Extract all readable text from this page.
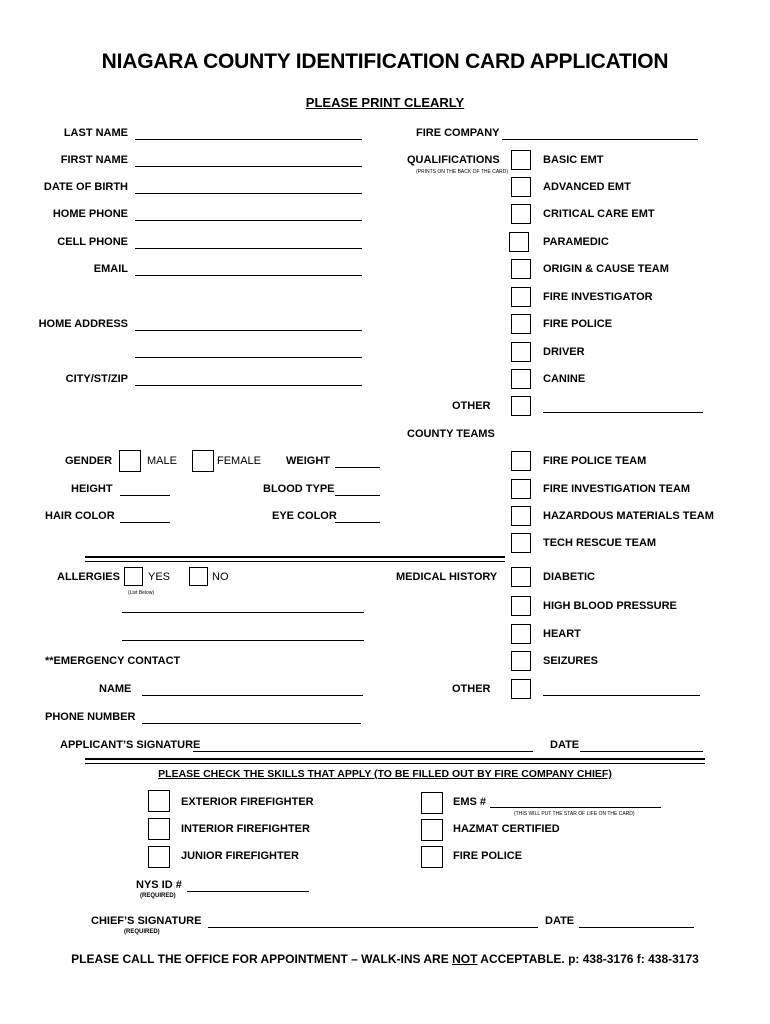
NIAGARA COUNTY IDENTIFICATION CARD APPLICATION
PLEASE PRINT CLEARLY
LAST NAME
FIRST NAME
DATE OF BIRTH
HOME PHONE
CELL PHONE
EMAIL
HOME ADDRESS
CITY/ST/ZIP
FIRE COMPANY
QUALIFICATIONS
(PRINTS ON THE BACK OF THE CARD)
BASIC EMT
ADVANCED EMT
CRITICAL CARE EMT
PARAMEDIC
ORIGIN & CAUSE TEAM
FIRE INVESTIGATOR
FIRE POLICE
DRIVER
CANINE
OTHER
COUNTY TEAMS
FIRE POLICE TEAM
FIRE INVESTIGATION TEAM
HAZARDOUS MATERIALS TEAM
TECH RESCUE TEAM
GENDER	MALE	FEMALE WEIGHT
HEIGHT	BLOOD TYPE
HAIR COLOR	EYE COLOR
ALLERGIES	YES	NO
(List Below)
MEDICAL HISTORY	DIABETIC
HIGH BLOOD PRESSURE
HEART
SEIZURES
OTHER
**EMERGENCY CONTACT
NAME
PHONE NUMBER
APPLICANT’S SIGNATURE	DATE
PLEASE CHECK THE SKILLS THAT APPLY (TO BE FILLED OUT BY FIRE COMPANY CHIEF)
EXTERIOR FIREFIGHTER
INTERIOR FIREFIGHTER
JUNIOR FIREFIGHTER
EMS #
(THIS WILL PUT THE STAR OF LIFE ON THE CARD)
HAZMAT CERTIFIED
FIRE POLICE
NYS ID #
(REQUIRED)
CHIEF’S SIGNATURE
(REQUIRED)
DATE
PLEASE CALL THE OFFICE FOR APPOINTMENT – WALK-INS ARE NOT ACCEPTABLE. p: 438-3176 f: 438-3173
